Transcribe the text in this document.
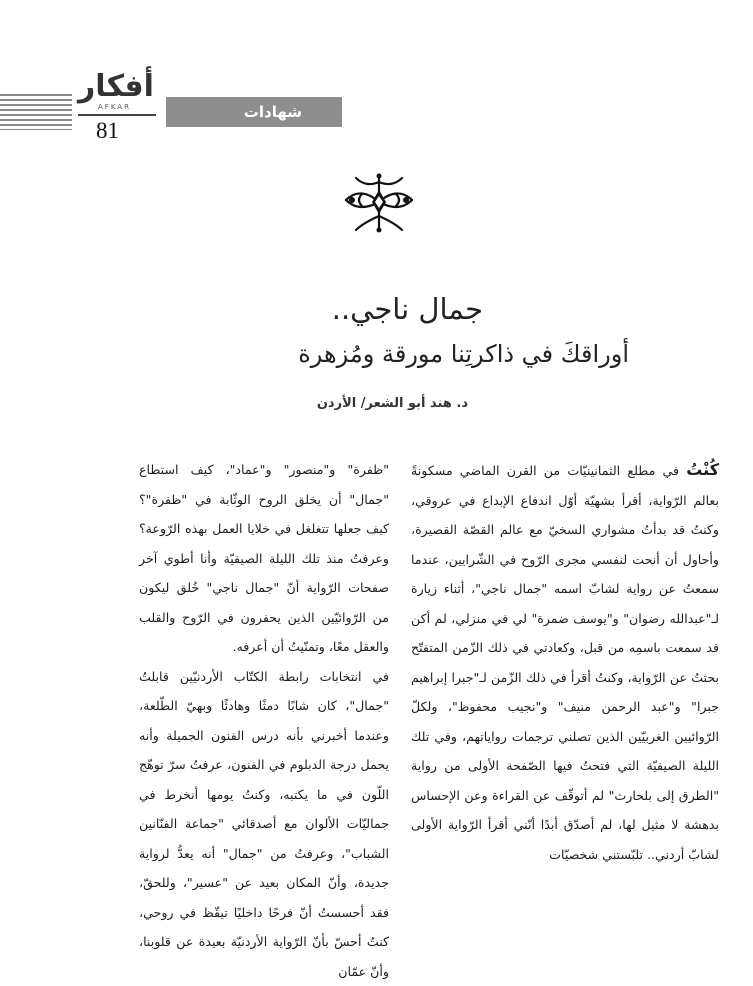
أفكار
AFKAR
81
شهادات
جمال ناجي..
أوراقكَ في ذاكرتِنا مورقة ومُزهرة
د. هند أبو الشعر/ الأردن

كُنْتُ في مطلع الثمانينيّات من القرن الماضي مسكونةً بعالم الرّواية، أقرأ بشهيّة أوّل اندفاع الإبداع في عروقي، وكنتُ قد بدأتُ مشواري السخيّ مع عالم القصّة القصيرة، وأحاول أن أنحت لنفسي مجرى الرّوح في الشّرايين، عندما سمعتُ عن رواية لشابّ اسمه "جمال ناجي"، أثناء زيارة لـ"عبدالله رضوان" و"يوسف ضمرة" لي في منزلي، لم أكن قد سمعت باسمِه من قبل، وكعادتي في ذلك الزّمن المتفتّح بحثتُ عن الرّواية، وكنتُ أقرأ في ذلك الزّمن لـ"جبرا إبراهيم جبرا" و"عبد الرحمن منيف" و"نجيب محفوظ"، ولكلّ الرّوائيين الغربيّين الذين تصلني ترجمات رواياتهم، وفي تلك الليلة الصيفيّة التي فتحتُ فيها الصّفحة الأولى من رواية "الطرق إلى بلحارث" لم أتوقّف عن القراءة وعن الإحساس بدهشة لا مثيل لها، لم أصدّق أبدًا أنّني أقرأ الرّواية الأولى لشابّ أردني.. تلبّستني شخصيّات

"ظفرة" و"منصور" و"عماد"، كيف استطاع "جمال" أن يخلق الروح الوثّابة في "ظفرة"؟ كيف جعلها تتغلغل في خلايا العمل بهذه الرّوعة؟ وعرفتُ منذ تلك الليلة الصيفيّة وأنا أطوي آخر صفحات الرّواية أنّ "جمال ناجي" خُلق ليكون من الرّوائيّين الذين يحفرون في الرّوح والقلب والعقل معًا، وتمنّيتُ أن أعرفه.

في انتخابات رابطة الكتّاب الأردنيّين قابلتُ "جمال"، كان شابًا دمثًا وهادئًا وبهيّ الطّلعة، وعندما أخبرني بأنه درس الفنون الجميلة وأنه يحمل درجة الدبلوم في الفنون، عرفتُ سرّ توهّج اللّون في ما يكتبه، وكنتُ يومها أنخرط في جماليّات الألوان مع أصدقائي "جماعة الفنّانين الشباب"، وعرفتُ من "جمال" أنه يعدُّ لرواية جديدة، وأنّ المكان بعيد عن "عسير"، وللحقّ، فقد أحسستُ أنّ فرحًا داخليًا تيقّظ في روحي، كنتُ أحسّ بأنّ الرّواية الأردنيّة بعيدة عن قلوبنا، وأنّ عمّان
